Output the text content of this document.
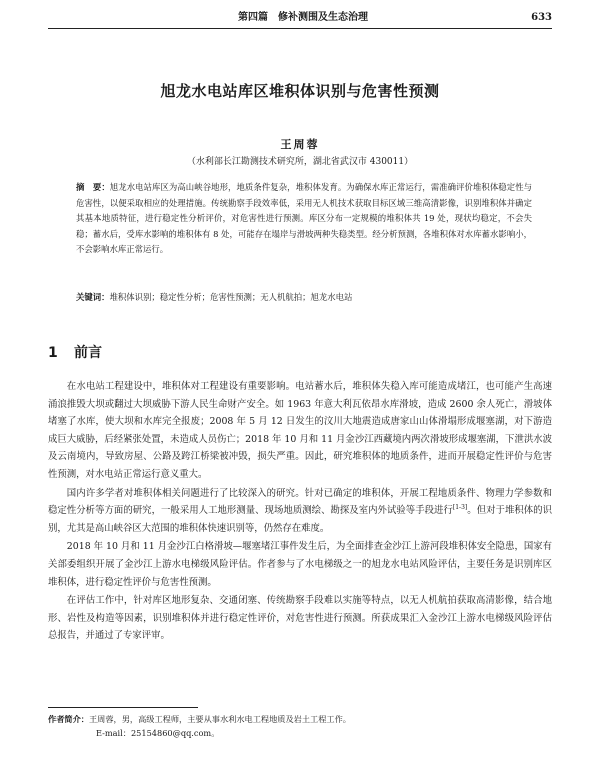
第四篇　修补测围及生态治理	633
旭龙水电站库区堆积体识别与危害性预测
王周蓉
（水利部长江勘测技术研究所，湖北省武汉市 430011）
摘　要：旭龙水电站库区为高山峡谷地形，地质条件复杂，堆积体发育。为确保水库正常运行，需准确评价堆积体稳定性与危害性，以便采取相应的处理措施。传统勘察手段效率低，采用无人机技术获取目标区域三维高清影像，识别堆积体并确定其基本地质特征，进行稳定性分析评价，对危害性进行预测。库区分布一定规模的堆积体共 19 处，现状均稳定，不会失稳；蓄水后，受库水影响的堆积体有 8 处，可能存在塌岸与滑坡两种失稳类型。经分析预测，各堆积体对水库蓄水影响小，不会影响水库正常运行。
关键词：堆积体识别；稳定性分析；危害性预测；无人机航拍；旭龙水电站
1 前言

在水电站工程建设中，堆积体对工程建设有重要影响。电站蓄水后，堆积体失稳入库可能造成堵江，也可能产生高速涌浪推毁大坝或翻过大坝威胁下游人民生命财产安全。如 1963 年意大利瓦依昂水库滑坡，造成 2600 余人死亡，滑坡体堵塞了水库，使大坝和水库完全报废；2008 年 5 月 12 日发生的汶川大地震造成唐家山山体滑塌形成堰塞湖，对下游造成巨大威胁，后经紧张处置，未造成人员伤亡；2018 年 10 月和 11 月金沙江西藏境内两次滑坡形成堰塞湖，下泄洪水波及云南境内，导致房屋、公路及跨江桥梁被冲毁，损失严重。因此，研究堆积体的地质条件，进而开展稳定性评价与危害性预测，对水电站正常运行意义重大。

国内许多学者对堆积体相关问题进行了比较深入的研究。针对已确定的堆积体，开展工程地质条件、物理力学参数和稳定性分析等方面的研究，一般采用人工地形测量、现场地质测绘、勘探及室内外试验等手段进行[1-3]。但对于堆积体的识别，尤其是高山峡谷区大范围的堆积体快速识别等，仍然存在难度。

2018 年 10 月和 11 月金沙江白格滑坡—堰塞堵江事件发生后，为全面排查金沙江上游河段堆积体安全隐患，国家有关部委组织开展了金沙江上游水电梯级风险评估。作者参与了水电梯级之一的旭龙水电站风险评估，主要任务是识别库区堆积体，进行稳定性评价与危害性预测。

在评估工作中，针对库区地形复杂、交通闭塞、传统勘察手段难以实施等特点，以无人机航拍获取高清影像，结合地形、岩性及构造等因素，识别堆积体并进行稳定性评价，对危害性进行预测。所获成果汇入金沙江上游水电梯级风险评估总报告，并通过了专家评审。

作者简介：王周蓉，男，高级工程师，主要从事水利水电工程地质及岩土工程工作。
E-mail：25154860@qq.com。
